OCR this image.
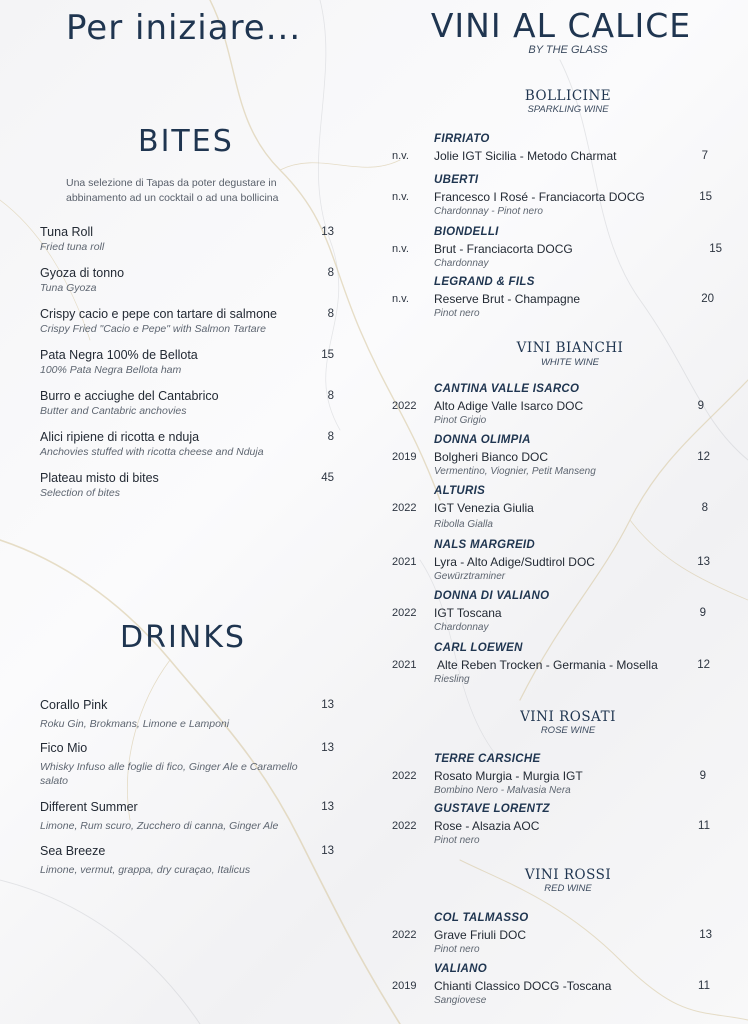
Per iniziare...
BITES

Una selezione di Tapas da poter degustare in abbinamento ad un cocktail o ad una bollicina

Tuna Roll
Fried tuna roll
13
Gyoza di tonno
Tuna Gyoza
8
Crispy cacio e pepe con tartare di salmone
Crispy Fried "Cacio e Pepe" with Salmon Tartare
8
Pata Negra 100% de Bellota
100% Pata Negra Bellota ham
15
Burro e acciughe del Cantabrico
Butter and Cantabric anchovies
8
Alici ripiene di ricotta e nduja
Anchovies stuffed with ricotta cheese and Nduja
8
Plateau misto di bites
Selection of bites
45
DRINKS
Corallo Pink
Roku Gin, Brokmans, Limone e Lamponi
13
Fico Mio
Whisky Infuso alle foglie di fico, Ginger Ale e Caramello salato
13
Different Summer
Limone, Rum scuro, Zucchero di canna, Ginger Ale
13
Sea Breeze
Limone, vermut, grappa, dry curaçao, Italicus
13
VINI AL CALICE
BY THE GLASS
BOLLICINE
SPARKLING WINE
FIRRIATO
n.v. Jolie IGT Sicilia - Metodo Charmat	7
UBERTI
n.v. Francesco I Rosé - Franciacorta DOCG
Chardonnay - Pinot nero
15
BIONDELLI
n.v. Brut - Franciacorta DOCG
Chardonnay
15
LEGRAND & FILS
n.v. Reserve Brut - Champagne
Pinot nero
20
VINI BIANCHI
WHITE WINE
CANTINA VALLE ISARCO
2022 Alto Adige Valle Isarco DOC
Pinot Grigio
9
DONNA OLIMPIA
2019 Bolgheri Bianco DOC
Vermentino, Viognier, Petit Manseng
12
ALTURIS
2022 IGT Venezia Giulia
Ribolla Gialla
8
NALS MARGREID
2021 Lyra - Alto Adige/Sudtirol DOC
Gewürztraminer
13
DONNA DI VALIANO
2022 IGT Toscana
Chardonnay
9
CARL LOEWEN
2021 Alte Reben Trocken - Germania - Mosella
Riesling
12
VINI ROSATI
ROSE WINE
TERRE CARSICHE
2022 Rosato Murgia - Murgia IGT
Bombino Nero - Malvasia Nera
9
GUSTAVE LORENTZ
2022 Rose - Alsazia AOC
Pinot nero
11
VINI ROSSI
RED WINE
COL TALMASSO
2022 Grave Friuli DOC
Pinot nero
13
VALIANO
2019 Chianti Classico DOCG -Toscana
Sangiovese
11
